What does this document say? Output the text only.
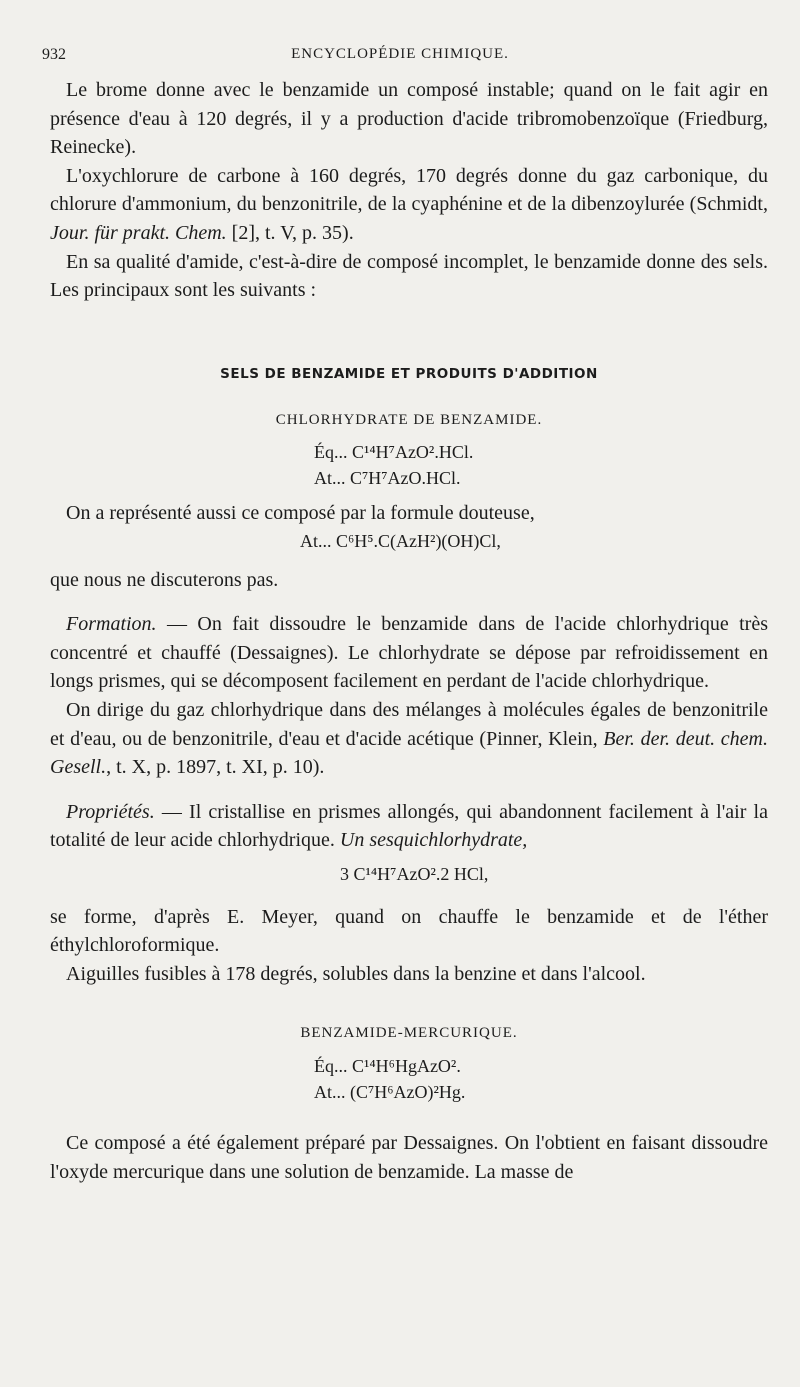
932	ENCYCLOPÉDIE CHIMIQUE.

Le brome donne avec le benzamide un composé instable; quand on le fait agir en présence d'eau à 120 degrés, il y a production d'acide tribromobenzoïque (Friedburg, Reinecke).

L'oxychlorure de carbone à 160 degrés, 170 degrés donne du gaz carbonique, du chlorure d'ammonium, du benzonitrile, de la cyaphénine et de la dibenzoylurée (Schmidt, Jour. für prakt. Chem. [2], t. V, p. 35).

En sa qualité d'amide, c'est-à-dire de composé incomplet, le benzamide donne des sels. Les principaux sont les suivants :

SELS DE BENZAMIDE ET PRODUITS D'ADDITION

CHLORHYDRATE DE BENZAMIDE.

Éq... C¹⁴H⁷AzO².HCl.
At... C⁷H⁷AzO.HCl.

On a représenté aussi ce composé par la formule douteuse,

At... C⁶H⁵.C(AzH²)(OH)Cl,

que nous ne discuterons pas.

Formation. — On fait dissoudre le benzamide dans de l'acide chlorhydrique très concentré et chauffé (Dessaignes). Le chlorhydrate se dépose par refroidissement en longs prismes, qui se décomposent facilement en perdant de l'acide chlorhydrique.

On dirige du gaz chlorhydrique dans des mélanges à molécules égales de benzonitrile et d'eau, ou de benzonitrile, d'eau et d'acide acétique (Pinner, Klein, Ber. der. deut. chem. Gesell., t. X, p. 1897, t. XI, p. 10).

Propriétés. — Il cristallise en prismes allongés, qui abandonnent facilement à l'air la totalité de leur acide chlorhydrique. Un sesquichlorhydrate,

3 C¹⁴H⁷AzO².2 HCl,

se forme, d'après E. Meyer, quand on chauffe le benzamide et de l'éther éthylchloroformique.

Aiguilles fusibles à 178 degrés, solubles dans la benzine et dans l'alcool.

BENZAMIDE-MERCURIQUE.

Éq... C¹⁴H⁶HgAzO².
At... (C⁷H⁶AzO)²Hg.

Ce composé a été également préparé par Dessaignes. On l'obtient en faisant dissoudre l'oxyde mercurique dans une solution de benzamide. La masse de
